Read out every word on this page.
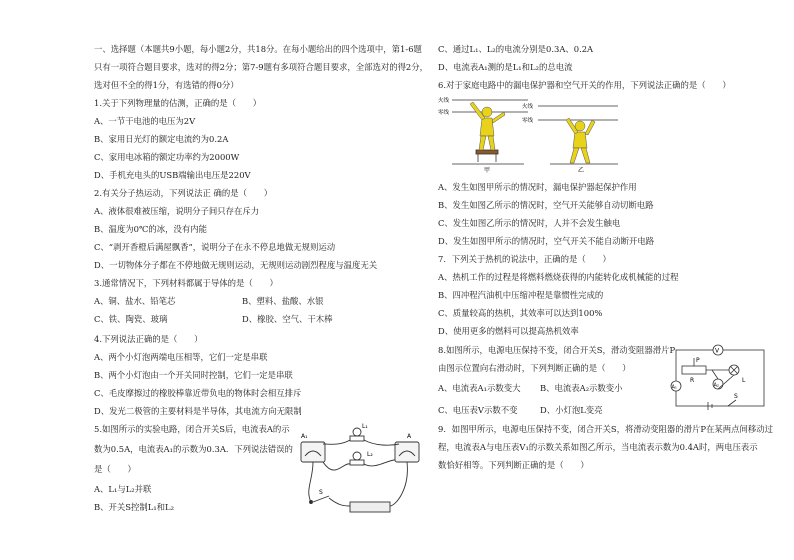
一、选择题（本题共9小题，每小题2分，共18分。在每小题给出的四个选项中，第1-6题
只有一项符合题目要求，选对的得2分；第7-9题有多项符合题目要求，全部选对的得2分，
选对但不全的得1分，有选错的得0分）
1.关于下列物理量的估测，正确的是（　　）
A、一节干电池的电压为2V
B、家用日光灯的额定电流约为0.2A
C、家用电冰箱的额定功率约为2000W
D、手机充电头的USB端输出电压是220V
2.有关分子热运动，下列说法正 确的是（　　）
A、液体很难被压缩，说明分子间只存在斥力
B、温度为0℃的冰，没有内能
C、“剥开香橙后满屋飘香”，说明分子在永不停息地做无规则运动
D、一切物体分子都在不停地做无规则运动，无规则运动剧烈程度与温度无关
3.通常情况下，下列材料都属于导体的是（　　）
A、铜、盐水、铅笔芯	B、塑料、盐酸、水银
C、铁、陶瓷、玻璃	D、橡胶、空气、干木棒
4.下列说法正确的是（　　）
A、两个小灯泡两端电压相等，它们一定是串联
B、两个小灯泡由一个开关同时控制，它们一定是串联
C、毛皮摩擦过的橡胶棒靠近带负电的物体时会相互排斥
D、发光二极管的主要材料是半导体，其电流方向无限制
5.如图所示的实验电路，闭合开关S后，电流表A的示
数为0.5A，电流表A₁的示数为0.3A．下列说法错误的
是（　　）
A、L₁与L₂并联
B、开关S控制L₁和L₂
L₁
L₂
A
A₁
S
C、通过L₁、L₂的电流分别是0.3A、0.2A
D、电流表A₁测的是L₁和L₂的总电流
6.对于家庭电路中的漏电保护器和空气开关的作用，下列说法正确的是（　　）
火线
零线
火线
零线
甲	乙
A、发生如图甲所示的情况时，漏电保护器起保护作用
B、发生如图乙所示的情况时，空气开关能够自动切断电路
C、发生如图乙所示的情况时，人并不会发生触电
D、发生如图甲所示的情况时，空气开关不能自动断开电路
7．下列关于热机的说法中，正确的是（　　）
A、热机工作的过程是将燃料燃烧获得的内能转化成机械能的过程
B、四冲程汽油机中压缩冲程是靠惯性完成的
C、质量较高的热机，其效率可以达到100%
D、使用更多的燃料可以提高热机效率
8.如图所示，电源电压保持不变，闭合开关S，滑动变阻器滑片P
由图示位置向右滑动时，下列判断正确的是（　　）
A、电流表A₁示数变大 B、电流表A₂示数变小
C、电压表V示数不变	D、小灯泡L变亮
V
A₂
A₁
P
R	L
S
9．如图甲所示，电源电压保持不变，闭合开关S，将滑动变阻器的滑片P在某两点间移动过
程，电流表A与电压表V₁的示数关系如图乙所示，当电流表示数为0.4A时，两电压表示
数恰好相等。下列判断正确的是（　　）
